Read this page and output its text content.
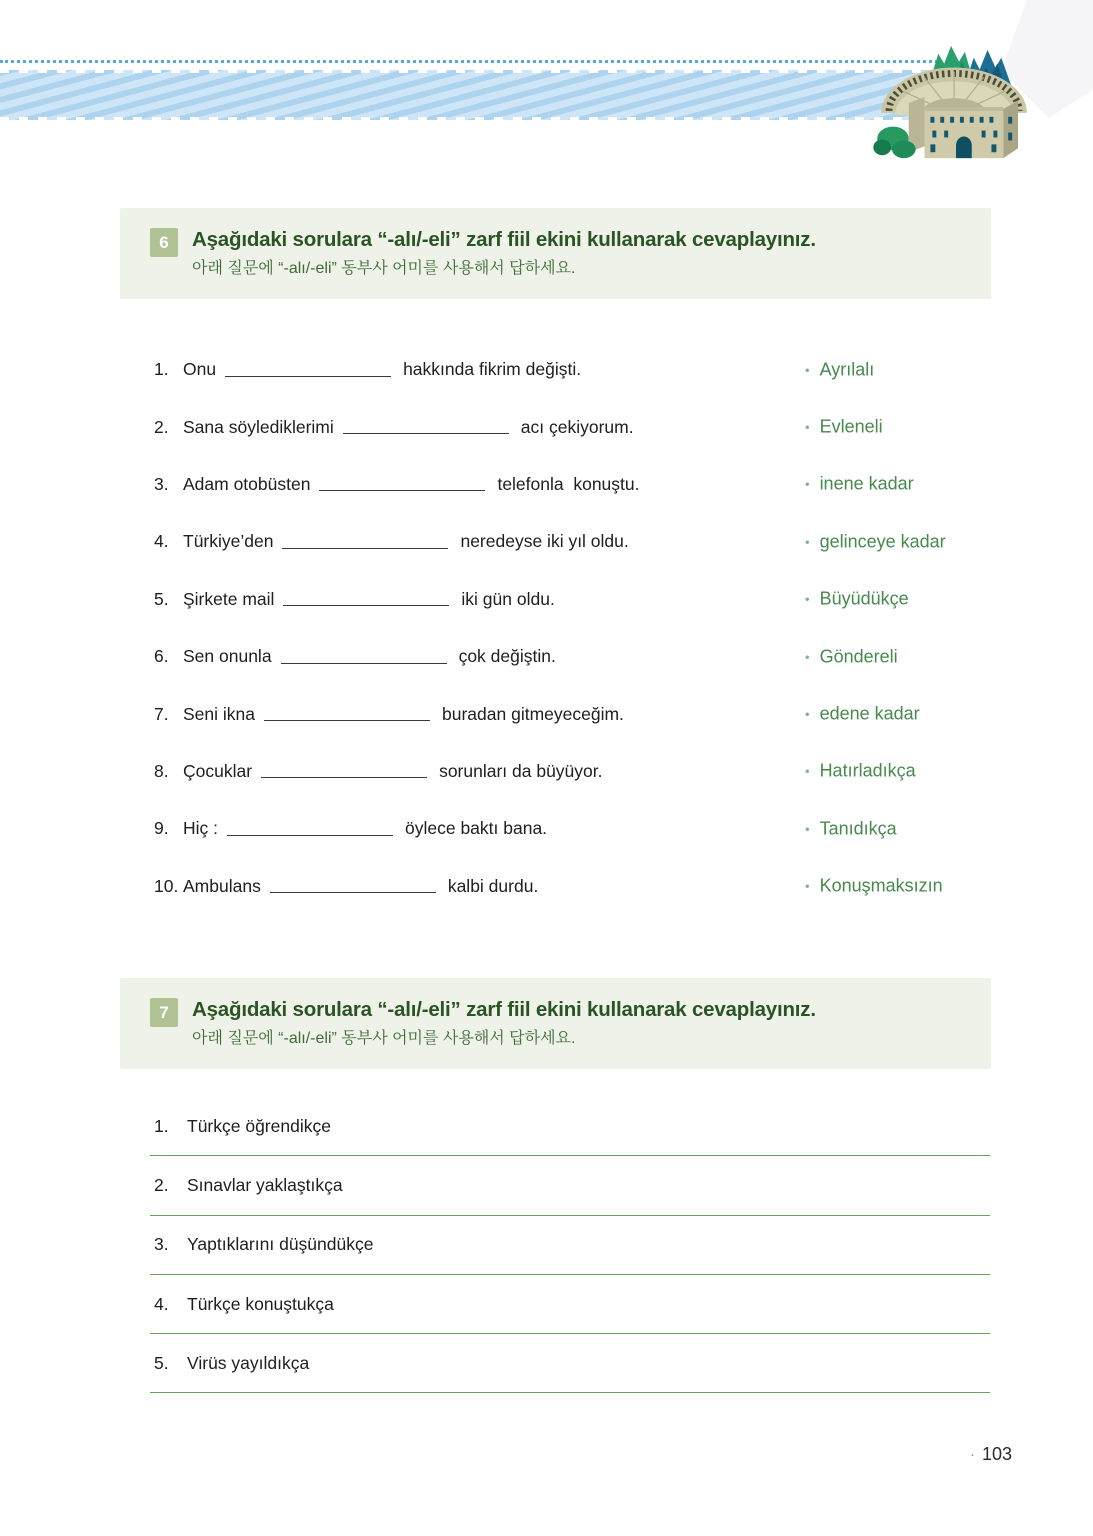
6	Aşağıdaki sorulara “-alı/-eli” zarf fiil ekini kullanarak cevaplayınız.

아래 질문에 “-alı/-eli” 동부사 어미를 사용해서 답하세요.

1. Onu	hakkında fikrim değişti.	• Ayrılalı
2. Sana söylediklerimi	acı çekiyorum.	• Evleneli
3. Adam otobüsten	telefonla  konuştu.	• inene kadar
4. Türkiye’den	neredeyse iki yıl oldu.	• gelinceye kadar
5. Şirkete mail	iki gün oldu.	• Büyüdükçe
6. Sen onunla	çok değiştin.	• Göndereli
7. Seni ikna	buradan gitmeyeceğim.	• edene kadar
8. Çocuklar	sorunları da büyüyor.	• Hatırladıkça
9. Hiç :	öylece baktı bana.	• Tanıdıkça
10. Ambulans	kalbi durdu.	• Konuşmaksızın
7	Aşağıdaki sorulara “-alı/-eli” zarf fiil ekini kullanarak cevaplayınız.

아래 질문에 “-alı/-eli” 동부사 어미를 사용해서 답하세요.

1.	Türkçe öğrendikçe
2.	Sınavlar yaklaştıkça
3.	Yaptıklarını düşündükçe
4.	Türkçe konuştukça
5.	Virüs yayıldıkça
· 103
